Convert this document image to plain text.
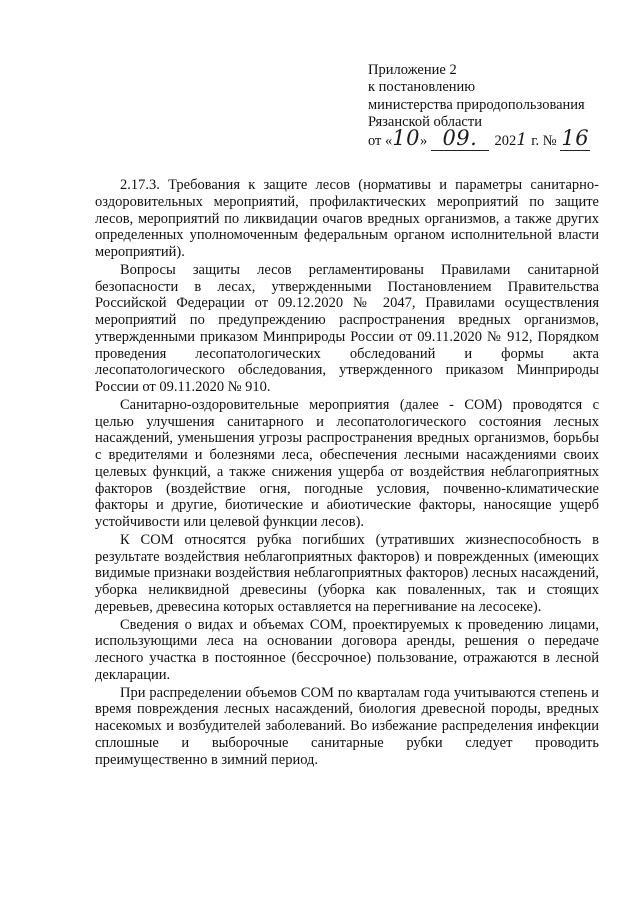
Приложение 2
к постановлению
министерства природопользования
Рязанской области
от «10» 09. 2021 г. № 16

2.17.3. Требования к защите лесов (нормативы и параметры санитарно-оздоровительных мероприятий, профилактических мероприятий по защите лесов, мероприятий по ликвидации очагов вредных организмов, а также других определенных уполномоченным федеральным органом исполнительной власти мероприятий).

Вопросы защиты лесов регламентированы Правилами санитарной безопасности в лесах, утвержденными Постановлением Правительства Российской Федерации от 09.12.2020 № 2047, Правилами осуществления мероприятий по предупреждению распространения вредных организмов, утвержденными приказом Минприроды России от 09.11.2020 № 912, Порядком проведения лесопатологических обследований и формы акта лесопатологического обследования, утвержденного приказом Минприроды России от 09.11.2020 № 910.

Санитарно-оздоровительные мероприятия (далее - СОМ) проводятся с целью улучшения санитарного и лесопатологического состояния лесных насаждений, уменьшения угрозы распространения вредных организмов, борьбы с вредителями и болезнями леса, обеспечения лесными насаждениями своих целевых функций, а также снижения ущерба от воздействия неблагоприятных факторов (воздействие огня, погодные условия, почвенно-климатические факторы и другие, биотические и абиотические факторы, наносящие ущерб устойчивости или целевой функции лесов).

К СОМ относятся рубка погибших (утративших жизнеспособность в результате воздействия неблагоприятных факторов) и поврежденных (имеющих видимые признаки воздействия неблагоприятных факторов) лесных насаждений, уборка неликвидной древесины (уборка как поваленных, так и стоящих деревьев, древесина которых оставляется на перегнивание на лесосеке).

Сведения о видах и объемах СОМ, проектируемых к проведению лицами, использующими леса на основании договора аренды, решения о передаче лесного участка в постоянное (бессрочное) пользование, отражаются в лесной декларации.

При распределении объемов СОМ по кварталам года учитываются степень и время повреждения лесных насаждений, биология древесной породы, вредных насекомых и возбудителей заболеваний. Во избежание распределения инфекции сплошные и выборочные санитарные рубки следует проводить преимущественно в зимний период.
